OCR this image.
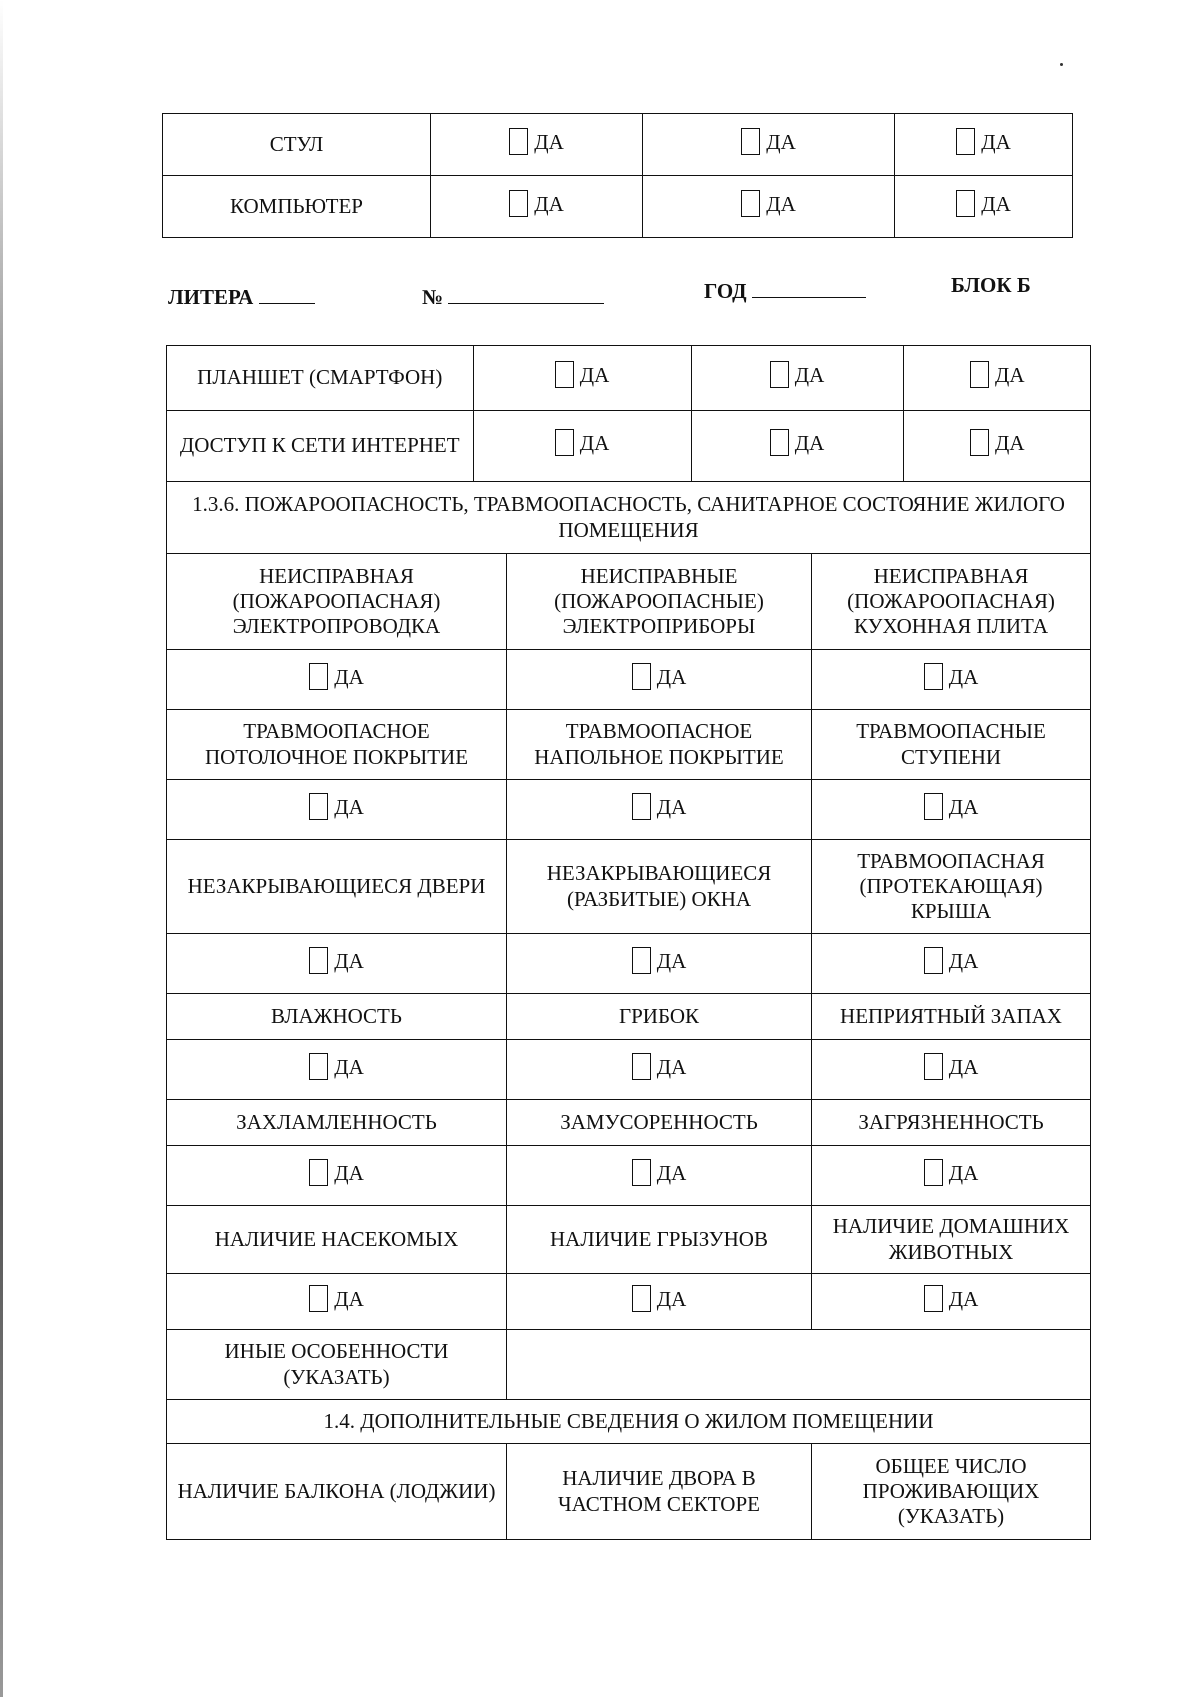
СТУЛ	ДА	ДА	ДА

КОМПЬЮТЕР	ДА	ДА	ДА
ЛИТЕРА	№	ГОД	БЛОК Б
ПЛАНШЕТ (СМАРТФОН)	ДА	ДА	ДА

ДОСТУП К СЕТИ ИНТЕРНЕТ	ДА	ДА	ДА

1.3.6. ПОЖАРООПАСНОСТЬ, ТРАВМООПАСНОСТЬ, САНИТАРНОЕ СОСТОЯНИЕ ЖИЛОГО ПОМЕЩЕНИЯ
НЕИСПРАВНАЯ (ПОЖАРООПАСНАЯ) ЭЛЕКТРОПРОВОДКА	НЕИСПРАВНЫЕ (ПОЖАРООПАСНЫЕ) ЭЛЕКТРОПРИБОРЫ	НЕИСПРАВНАЯ (ПОЖАРООПАСНАЯ) КУХОННАЯ ПЛИТА

ДА	ДА	ДА

ТРАВМООПАСНОЕ ПОТОЛОЧНОЕ ПОКРЫТИЕ	ТРАВМООПАСНОЕ НАПОЛЬНОЕ ПОКРЫТИЕ	ТРАВМООПАСНЫЕ СТУПЕНИ

ДА	ДА	ДА

НЕЗАКРЫВАЮЩИЕСЯ ДВЕРИ	НЕЗАКРЫВАЮЩИЕСЯ (РАЗБИТЫЕ) ОКНА	ТРАВМООПАСНАЯ (ПРОТЕКАЮЩАЯ) КРЫША

ДА	ДА	ДА

ВЛАЖНОСТЬ	ГРИБОК	НЕПРИЯТНЫЙ ЗАПАХ

ДА	ДА	ДА

ЗАХЛАМЛЕННОСТЬ	ЗАМУСОРЕННОСТЬ	ЗАГРЯЗНЕННОСТЬ

ДА	ДА	ДА

НАЛИЧИЕ НАСЕКОМЫХ	НАЛИЧИЕ ГРЫЗУНОВ	НАЛИЧИЕ ДОМАШНИХ ЖИВОТНЫХ

ДА	ДА	ДА

ИНЫЕ ОСОБЕННОСТИ (УКАЗАТЬ)	
1.4. ДОПОЛНИТЕЛЬНЫЕ СВЕДЕНИЯ О ЖИЛОМ ПОМЕЩЕНИИ
НАЛИЧИЕ БАЛКОНА (ЛОДЖИИ)	НАЛИЧИЕ ДВОРА В ЧАСТНОМ СЕКТОРЕ	ОБЩЕЕ ЧИСЛО ПРОЖИВАЮЩИХ (УКАЗАТЬ)
